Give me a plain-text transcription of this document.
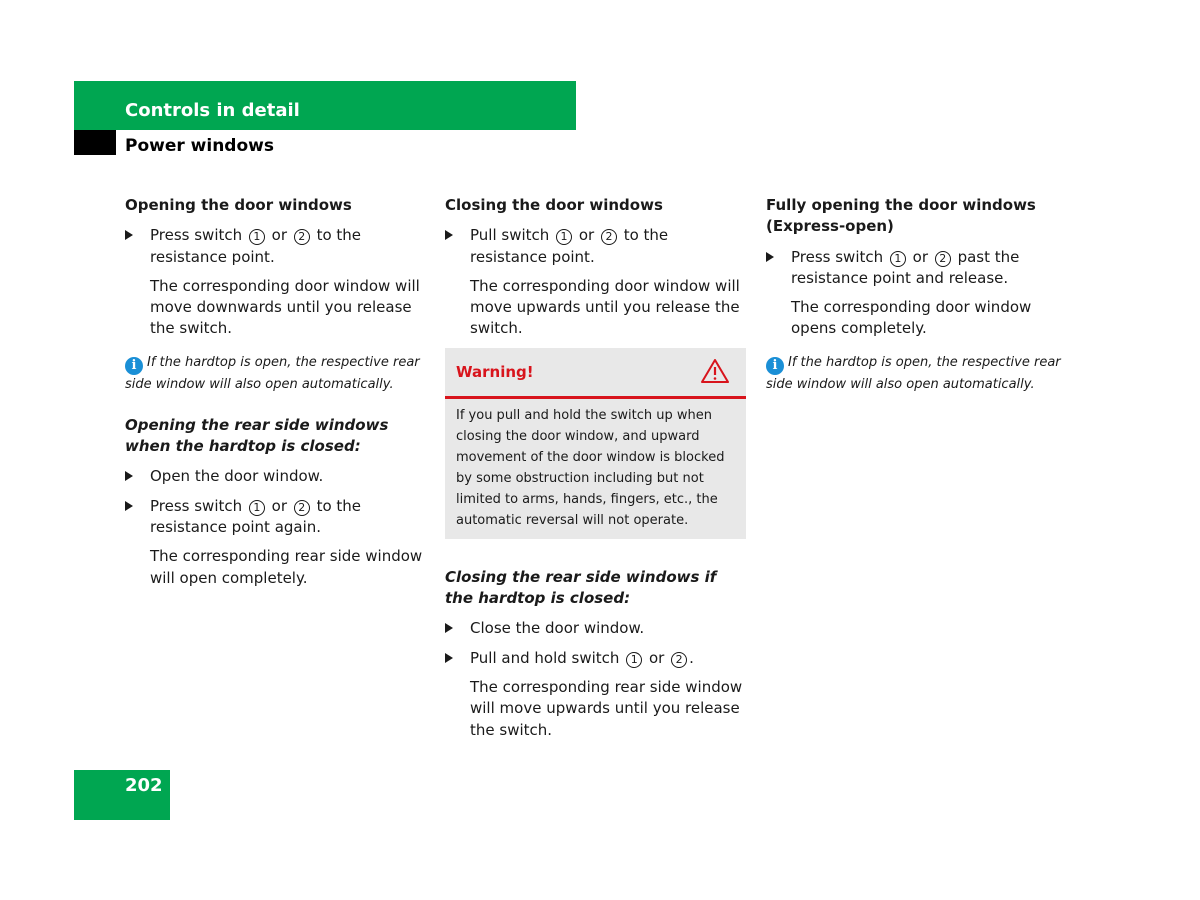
Controls in detail
Power windows

Opening the door windows

Press switch 1 or 2 to the resistance point.

The corresponding door window will move downwards until you release the switch.

i If the hardtop is open, the respective rear side window will also open automatically.

Opening the rear side windows when the hardtop is closed:

Open the door window.

Press switch 1 or 2 to the resistance point again.

The corresponding rear side window will open completely.

Closing the door windows

Pull switch 1 or 2 to the resistance point.

The corresponding door window will move upwards until you release the switch.

Warning!

If you pull and hold the switch up when closing the door window, and upward movement of the door window is blocked by some obstruction including but not limited to arms, hands, fingers, etc., the automatic reversal will not operate.

Closing the rear side windows if the hardtop is closed:

Close the door window.

Pull and hold switch 1 or 2 .

The corresponding rear side window will move upwards until you release the switch.

Fully opening the door windows (Express-open)

Press switch 1 or 2 past the resistance point and release.

The corresponding door window opens completely.

i If the hardtop is open, the respective rear side window will also open automatically.

202
